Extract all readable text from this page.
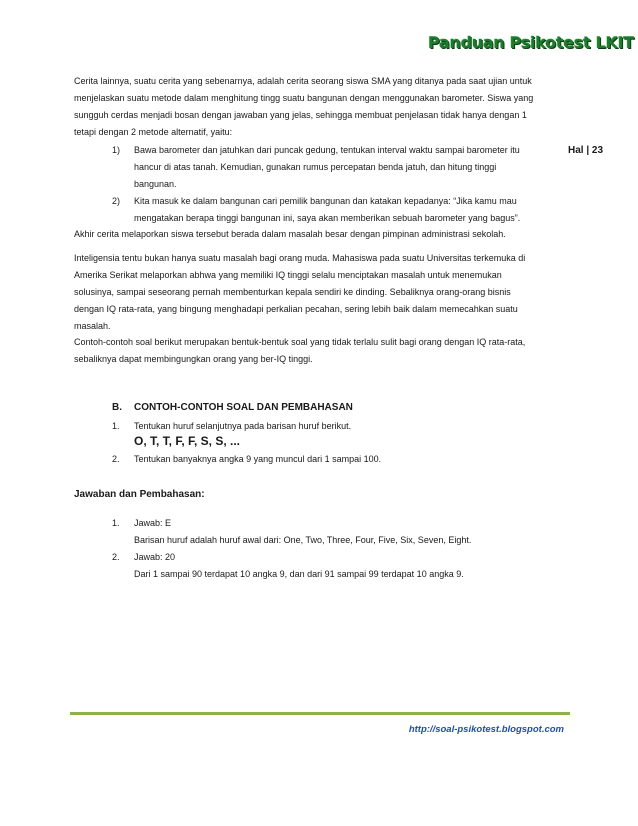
Panduan Psikotest LKIT
Hal | 23

Cerita lainnya, suatu cerita yang sebenarnya, adalah cerita seorang siswa SMA yang ditanya pada saat ujian untuk

menjelaskan suatu metode dalam menghitung tingg suatu bangunan dengan menggunakan barometer. Siswa yang

sungguh cerdas menjadi bosan dengan jawaban yang jelas, sehingga membuat penjelasan tidak hanya dengan 1

tetapi dengan 2 metode alternatif, yaitu:

1) Bawa barometer dan jatuhkan dari puncak gedung, tentukan interval waktu sampai barometer itu
hancur di atas tanah. Kemudian, gunakan rumus percepatan benda jatuh, dan hitung tinggi
bangunan.
2) Kita masuk ke dalam bangunan cari pemilik bangunan dan katakan kepadanya: “Jika kamu mau
mengatakan berapa tinggi bangunan ini, saya akan memberikan sebuah barometer yang bagus”.

Akhir cerita melaporkan siswa tersebut berada dalam masalah besar dengan pimpinan administrasi sekolah.

Inteligensia tentu bukan hanya suatu masalah bagi orang muda. Mahasiswa pada suatu Universitas terkemuka di

Amerika Serikat melaporkan abhwa yang memiliki IQ tinggi selalu menciptakan masalah untuk menemukan

solusinya, sampai seseorang pernah membenturkan kepala sendiri ke dinding. Sebaliknya orang-orang bisnis

dengan IQ rata-rata, yang bingung menghadapi perkalian pecahan, sering lebih baik dalam memecahkan suatu

masalah.

Contoh-contoh soal berikut merupakan bentuk-bentuk soal yang tidak terlalu sulit bagi orang dengan IQ rata-rata,

sebaliknya dapat membingungkan orang yang ber-IQ tinggi.

B. CONTOH-CONTOH SOAL DAN PEMBAHASAN
1. Tentukan huruf selanjutnya pada barisan huruf berikut.
O, T, T, F, F, S, S, ...
2. Tentukan banyaknya angka 9 yang muncul dari 1 sampai 100.
Jawaban dan Pembahasan:
1. Jawab: E
Barisan huruf adalah huruf awal dari: One, Two, Three, Four, Five, Six, Seven, Eight.
2. Jawab: 20
Dari 1 sampai 90 terdapat 10 angka 9, dan dari 91 sampai 99 terdapat 10 angka 9.
http://soal-psikotest.blogspot.com
